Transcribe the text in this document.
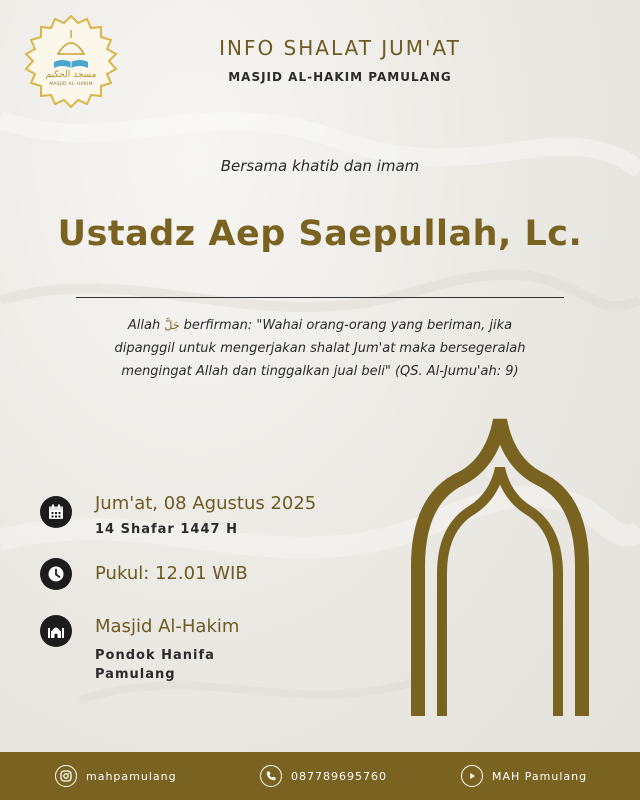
مسجد الحكيم
MASJID AL-HAKIM
INFO SHALAT JUM'AT
MASJID AL-HAKIM PAMULANG
Bersama khatib dan imam
Ustadz Aep Saepullah, Lc.
Allah جَلَّ berfirman: "Wahai orang-orang yang beriman, jika
dipanggil untuk mengerjakan shalat Jum'at maka bersegeralah
mengingat Allah dan tinggalkan jual beli" (QS. Al-Jumu'ah: 9)
Jum'at, 08 Agustus 2025
14 Shafar 1447 H
Pukul: 12.01 WIB
Masjid Al-Hakim
Pondok Hanifa
Pamulang
mahpamulang	087789695760	MAH Pamulang
